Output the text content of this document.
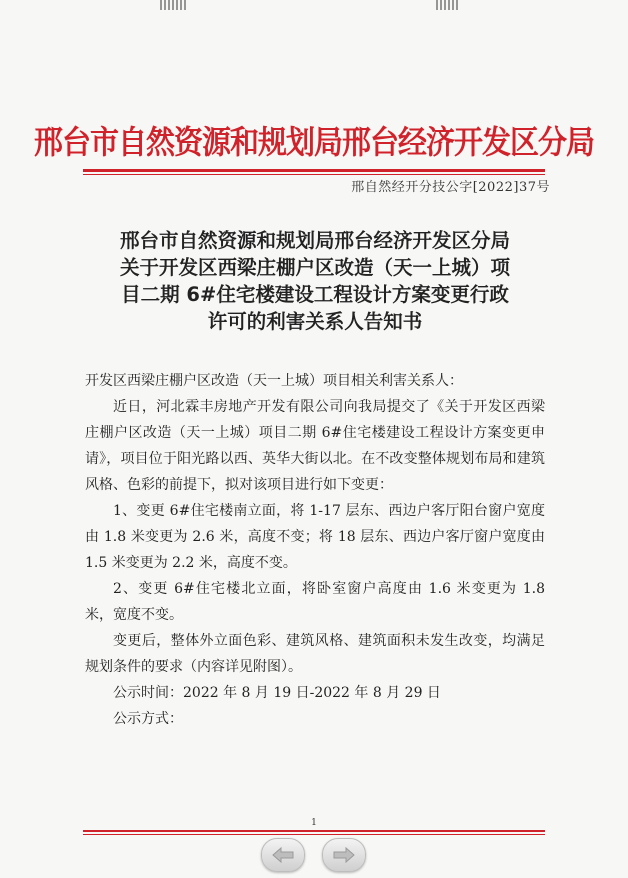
邢台市自然资源和规划局邢台经济开发区分局
邢自然经开分技公字[2022]37号
邢台市自然资源和规划局邢台经济开发区分局
关于开发区西梁庄棚户区改造（天一上城）项
目二期 6#住宅楼建设工程设计方案变更行政
许可的利害关系人告知书

开发区西梁庄棚户区改造（天一上城）项目相关利害关系人：

近日，河北霖丰房地产开发有限公司向我局提交了《关于开发区西梁庄棚户区改造（天一上城）项目二期 6#住宅楼建设工程设计方案变更申请》，项目位于阳光路以西、英华大街以北。在不改变整体规划布局和建筑风格、色彩的前提下，拟对该项目进行如下变更：

1、变更 6#住宅楼南立面，将 1-17 层东、西边户客厅阳台窗户宽度由 1.8 米变更为 2.6 米，高度不变；将 18 层东、西边户客厅窗户宽度由 1.5 米变更为 2.2 米，高度不变。

2、变更 6#住宅楼北立面，将卧室窗户高度由 1.6 米变更为 1.8 米，宽度不变。

变更后，整体外立面色彩、建筑风格、建筑面积未发生改变，均满足规划条件的要求（内容详见附图）。

公示时间：2022 年 8 月 19 日-2022 年 8 月 29 日

公示方式：

1
